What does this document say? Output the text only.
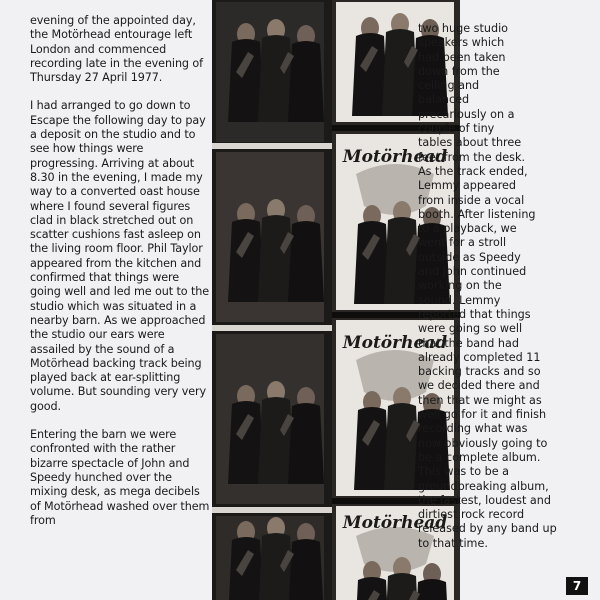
evening of the appointed day, the Motörhead entourage left London and commenced recording late in the evening of Thursday 27 April 1977.

I had arranged to go down to Escape the following day to pay a deposit on the studio and to see how things were progressing. Arriving at about 8.30 in the evening, I made my way to a converted oast house where I found several figures clad in black stretched out on scatter cushions fast asleep on the living room floor. Phil Taylor appeared from the kitchen and confirmed that things were going well and led me out to the studio which was situated in a nearby barn. As we approached the studio our ears were assailed by the sound of a Motörhead backing track being played back at ear-splitting volume. But sounding very very good.

Entering the barn we were confronted with the rather bizarre spectacle of John and Speedy hunched over the mixing desk, as mega decibels of Motörhead washed over them from

Motörhead
Motörhead
Motörhead
two huge studio
speakers which
had been taken
down from the
ceiling and
balanced
precariously on a
couple of tiny
tables about three
feet from the desk.
As the track ended,
Lemmy appeared
from inside a vocal
booth. After listening
to a playback, we
went for a stroll
outside as Speedy
and John continued
working on the
sound. Lemmy
reported that things
were going so well
that the band had
already completed 11
backing tracks and so
we decided there and
then that we might as
well go for it and finish
recording what was
now obviously going to
be a complete album.
This was to be a
groundbreaking album,
the fastest, loudest and
dirtiest rock record
released by any band up
to that time.
7
